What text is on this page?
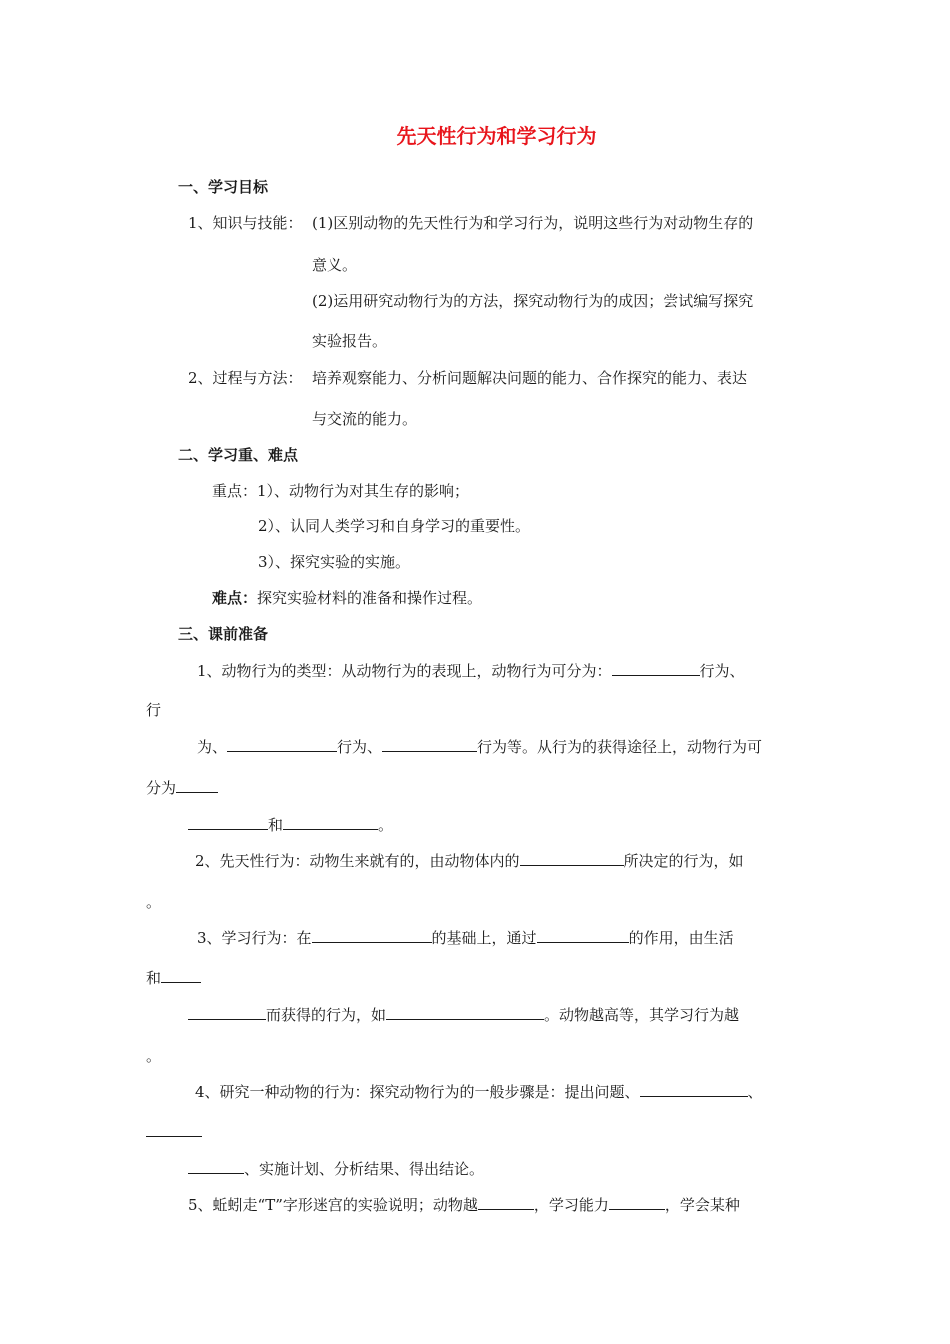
先天性行为和学习行为
一、学习目标
1、知识与技能： (1)区别动物的先天性行为和学习行为，说明这些行为对动物生存的
意义。
(2)运用研究动物行为的方法，探究动物行为的成因；尝试编写探究
实验报告。
2、过程与方法： 培养观察能力、分析问题解决问题的能力、合作探究的能力、表达
与交流的能力。
二、学习重、难点
重点：1）、动物行为对其生存的影响；
2）、认同人类学习和自身学习的重要性。
3）、探究实验的实施。
难点：探究实验材料的准备和操作过程。
三、课前准备
1、动物行为的类型：从动物行为的表现上，动物行为可分为：	行为、
行
为、	行为、	行为等。从行为的获得途径上，动物行为可
分为
和	。
2、先天性行为：动物生来就有的，由动物体内的	所决定的行为，如
。
3、学习行为：在	的基础上，通过	的作用，由生活
和
而获得的行为，如	。动物越高等，其学习行为越
。
4、研究一种动物的行为：探究动物行为的一般步骤是：提出问题、	、
、实施计划、分析结果、得出结论。
5、蚯蚓走“T”字形迷宫的实验说明；动物越	，学习能力	，学会某种
